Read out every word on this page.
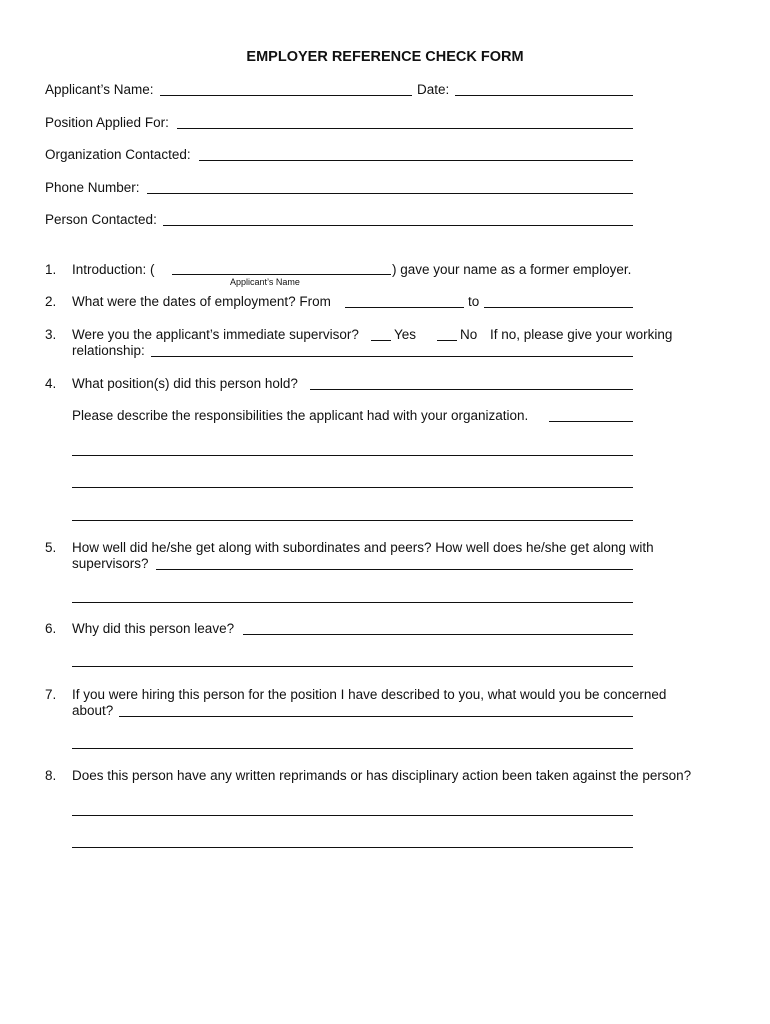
EMPLOYER REFERENCE CHECK FORM
Applicant’s Name:	Date:
Position Applied For:
Organization Contacted:
Phone Number:
Person Contacted:
1. Introduction: (
Applicant’s Name
) gave your name as a former employer.
2. What were the dates of employment? From	to
3. Were you the applicant’s immediate supervisor?	Yes	No If no, please give your working
relationship:
4. What position(s) did this person hold?
Please describe the responsibilities the applicant had with your organization.
5. How well did he/she get along with subordinates and peers? How well does he/she get along with
supervisors?
6. Why did this person leave?
7. If you were hiring this person for the position I have described to you, what would you be concerned
about?
8. Does this person have any written reprimands or has disciplinary action been taken against the person?
